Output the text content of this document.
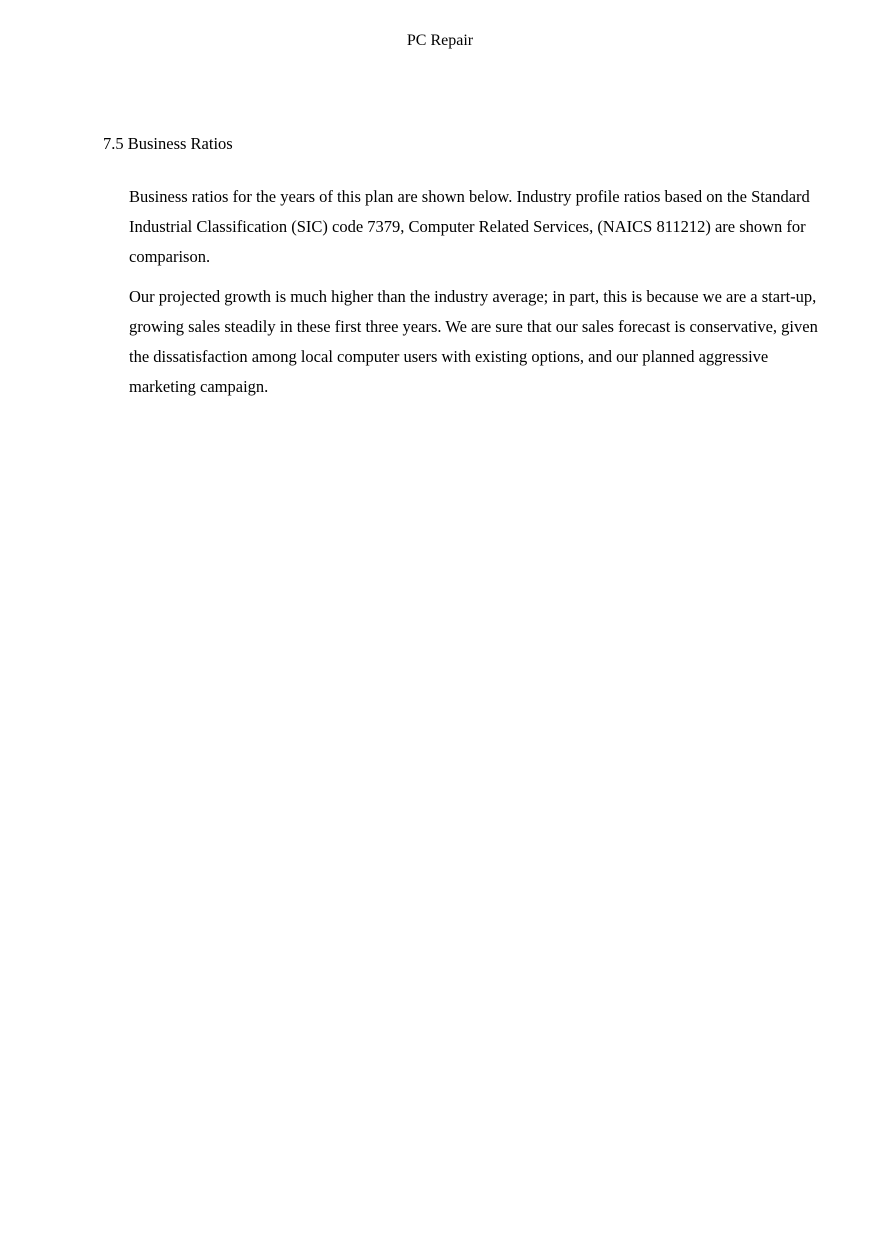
PC Repair
7.5 Business Ratios

Business ratios for the years of this plan are shown below. Industry profile ratios based on the Standard Industrial Classification (SIC) code 7379, Computer Related Services, (NAICS 811212) are shown for comparison.

Our projected growth is much higher than the industry average; in part, this is because we are a start-up, growing sales steadily in these first three years. We are sure that our sales forecast is conservative, given the dissatisfaction among local computer users with existing options, and our planned aggressive marketing campaign.
